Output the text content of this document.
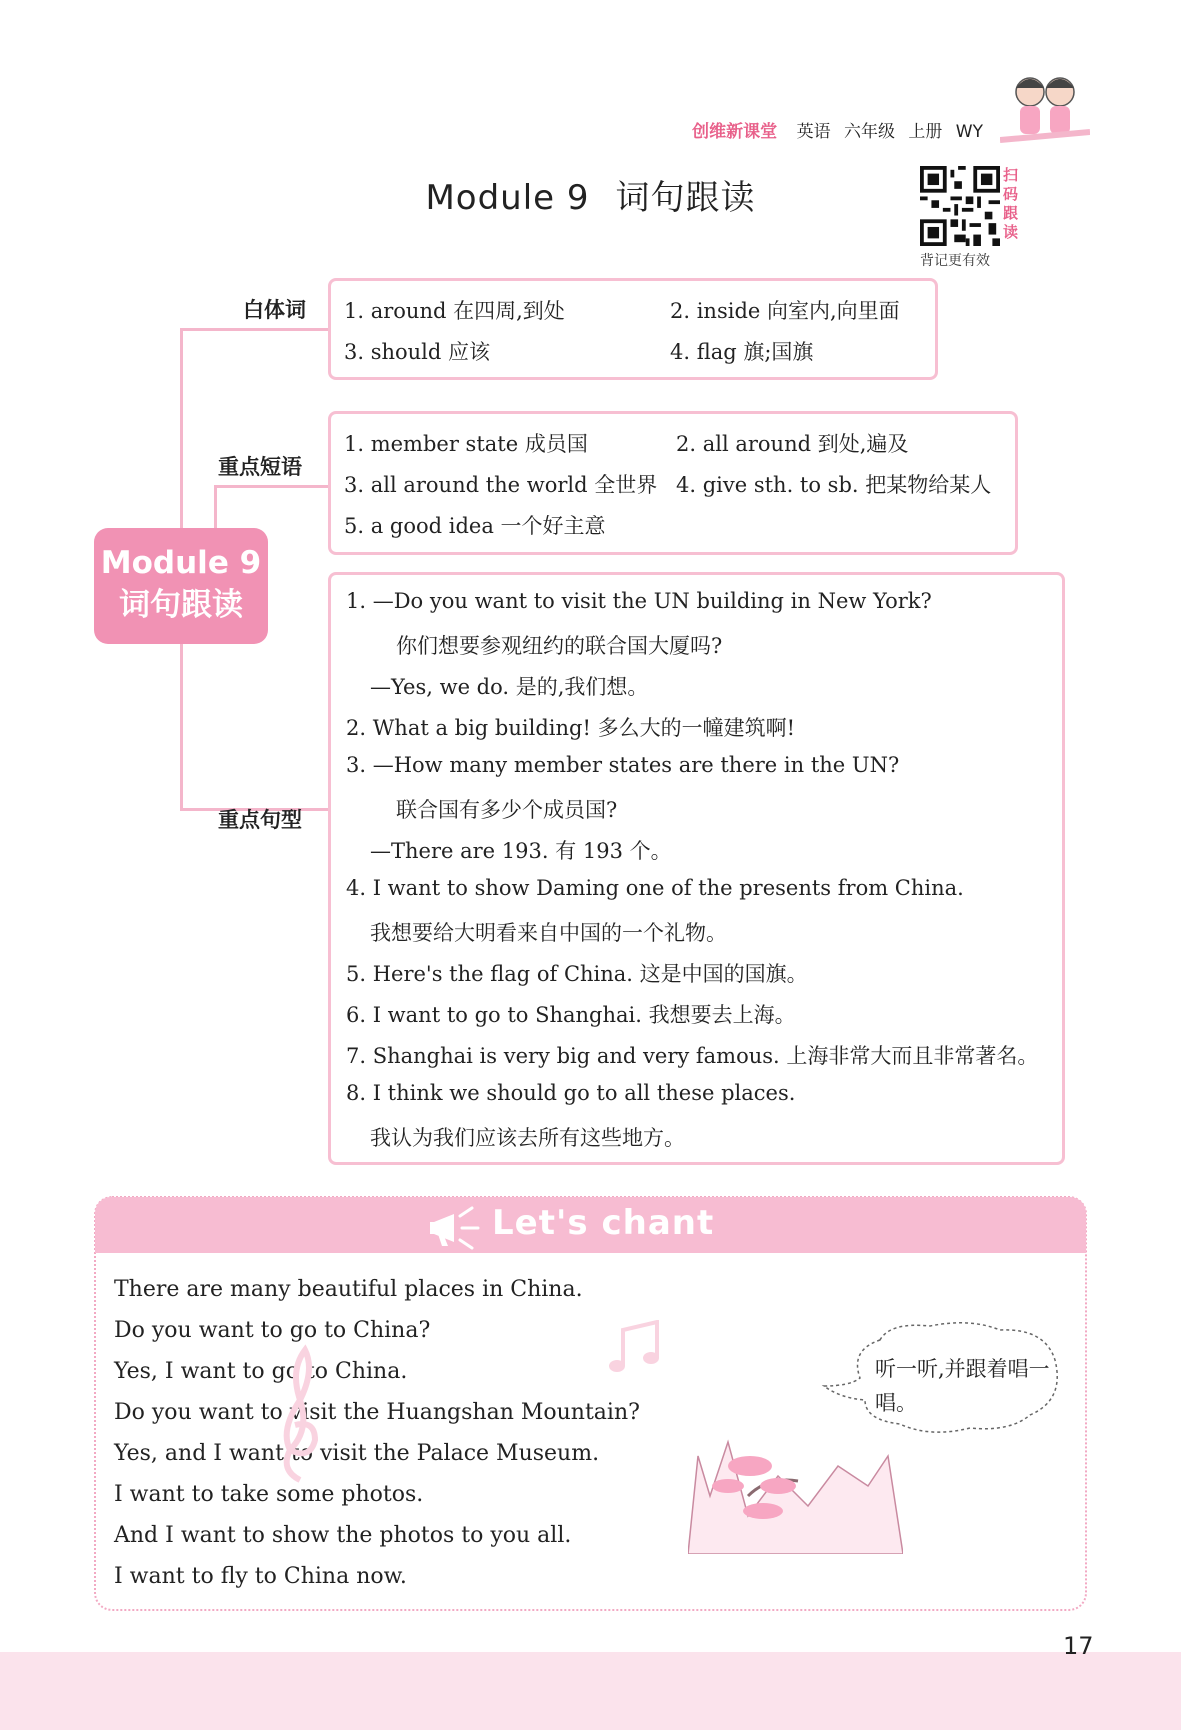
创维新课堂 英语 六年级 上册 WY
Module 9 词句跟读
扫
码
跟
读
背记更有效
Module 9
词句跟读
白体词
重点短语
重点句型
1. around 在四周,到处	2. inside 向室内,向里面
3. should 应该	4. flag 旗;国旗
1. member state 成员国	2. all around 到处,遍及
3. all around the world 全世界 4. give sth. to sb. 把某物给某人
5. a good idea 一个好主意
1. —Do you want to visit the UN building in New York?
你们想要参观纽约的联合国大厦吗?
—Yes, we do. 是的,我们想。
2. What a big building! 多么大的一幢建筑啊!
3. —How many member states are there in the UN?
联合国有多少个成员国?
—There are 193. 有 193 个。
4. I want to show Daming one of the presents from China.
我想要给大明看来自中国的一个礼物。
5. Here's the flag of China. 这是中国的国旗。
6. I want to go to Shanghai. 我想要去上海。
7. Shanghai is very big and very famous. 上海非常大而且非常著名。
8. I think we should go to all these places.
我认为我们应该去所有这些地方。
Let's chant
There are many beautiful places in China.
Do you want to go to China?
Yes, I want to go to China.
Do you want to visit the Huangshan Mountain?
Yes, and I want to visit the Palace Museum.
I want to take some photos.
And I want to show the photos to you all.
I want to fly to China now.
听一听,并跟着唱一唱。
17
